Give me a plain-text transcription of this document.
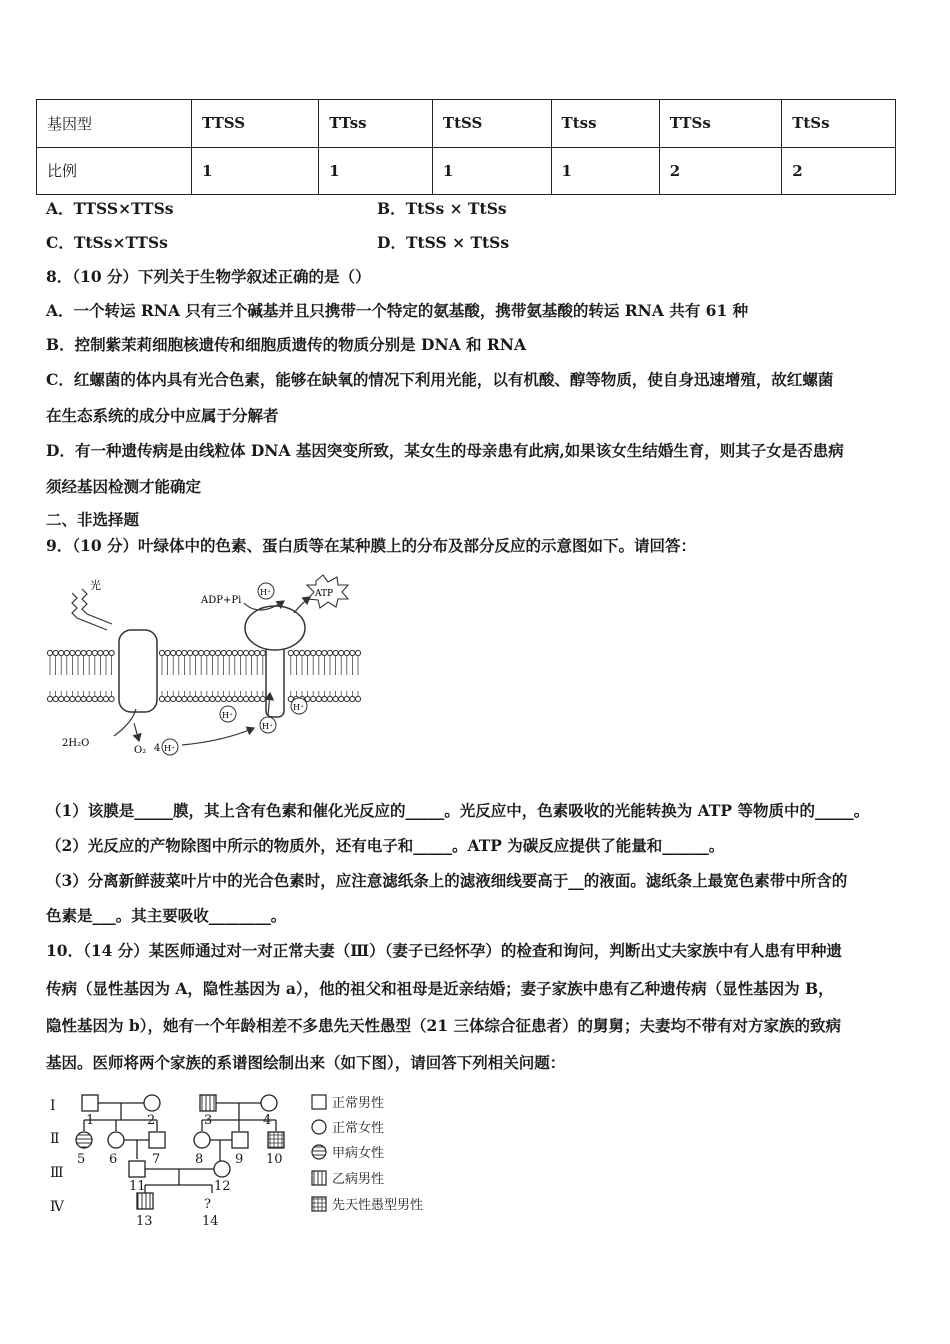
基因型	TTSS	TTss	TtSS	Ttss	TTSs	TtSs
比例	1	1	1	1	2	2
A．TTSS×TTSs	B．TtSs × TtSs
C．TtSs×TTSs	D．TtSS × TtSs
8．（10 分）下列关于生物学叙述正确的是（）
A．一个转运 RNA 只有三个碱基并且只携带一个特定的氨基酸，携带氨基酸的转运 RNA 共有 61 种
B．控制紫茉莉细胞核遗传和细胞质遗传的物质分别是 DNA 和 RNA
C．红螺菌的体内具有光合色素，能够在缺氧的情况下利用光能，以有机酸、醇等物质，使自身迅速增殖，故红螺菌
在生态系统的成分中应属于分解者
D．有一种遗传病是由线粒体 DNA 基因突变所致，某女生的母亲患有此病,如果该女生结婚生育，则其子女是否患病
须经基因检测才能确定
二、非选择题
9．（10 分）叶绿体中的色素、蛋白质等在某种膜上的分布及部分反应的示意图如下。请回答：
光
ADP+Pi
H⁺	ATP
H⁺
H⁺
H⁺
2H₂O
O₂ 4 H⁺
（1）该膜是_____膜，其上含有色素和催化光反应的_____。光反应中，色素吸收的光能转换为 ATP 等物质中的_____。
（2）光反应的产物除图中所示的物质外，还有电子和_____。ATP 为碳反应提供了能量和______。
（3）分离新鲜菠菜叶片中的光合色素时，应注意滤纸条上的滤液细线要高于__的液面。滤纸条上最宽色素带中所含的
色素是___。其主要吸收________。
10．（14 分）某医师通过对一对正常夫妻（Ⅲ）（妻子已经怀孕）的检查和询问，判断出丈夫家族中有人患有甲种遗
传病（显性基因为 A，隐性基因为 a），他的祖父和祖母是近亲结婚；妻子家族中患有乙种遗传病（显性基因为 B，
隐性基因为 b），她有一个年龄相差不多患先天性愚型（21 三体综合征患者）的舅舅；夫妻均不带有对方家族的致病
基因。医师将两个家族的系谱图绘制出来（如下图），请回答下列相关问题：
Ⅰ
Ⅱ
Ⅲ
Ⅳ
1	2	3	4
5 6	7	8 9 10
11	12
13
?
14
正常男性
正常女性
甲病女性
乙病男性
先天性愚型男性
